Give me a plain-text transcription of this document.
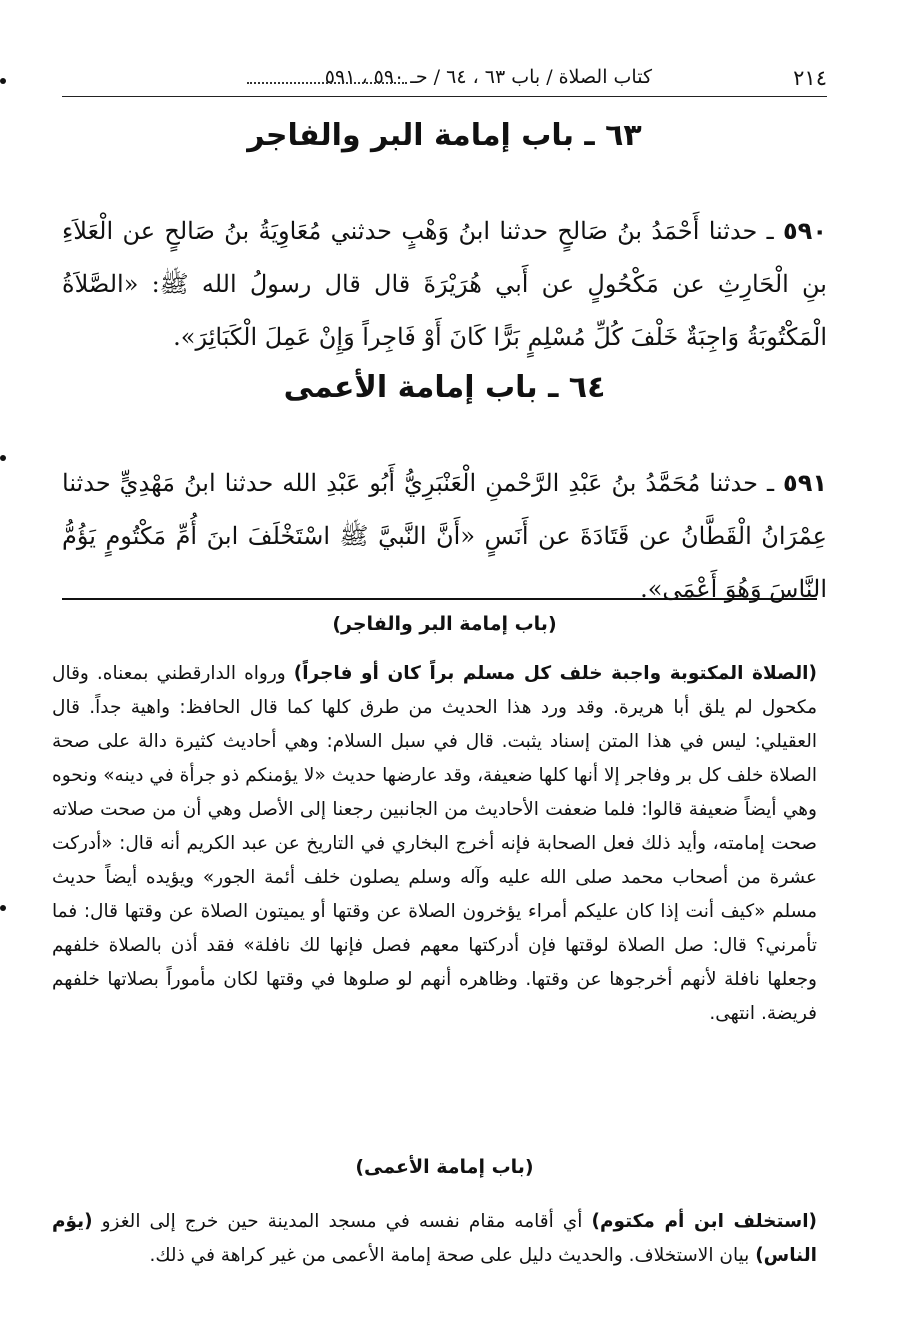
٢١٤
كتاب الصلاة / باب ٦٣ ، ٦٤ / حـ ٥٩٠ ، ٥٩١
٦٣ ـ باب إمامة البر والفاجر
٥٩٠ ـ حدثنا أَحْمَدُ بنُ صَالحٍ حدثنا ابنُ وَهْبٍ حدثني مُعَاوِيَةُ بنُ صَالحٍ عن الْعَلاَءِ بنِ الْحَارِثِ عن مَكْحُولٍ عن أَبي هُرَيْرَةَ قال قال رسولُ الله ﷺ: «الصَّلاَةُ الْمَكْتُوبَةُ وَاجِبَةٌ خَلْفَ كُلِّ مُسْلِمٍ بَرًّا كَانَ أَوْ فَاجِراً وَإِنْ عَمِلَ الْكَبَائِرَ».
٦٤ ـ باب إمامة الأعمى
٥٩١ ـ حدثنا مُحَمَّدُ بنُ عَبْدِ الرَّحْمنِ الْعَنْبَرِيُّ أَبُو عَبْدِ الله حدثنا ابنُ مَهْدِيٍّ حدثنا عِمْرَانُ الْقَطَّانُ عن قَتَادَةَ عن أَنَسٍ «أَنَّ النَّبيَّ ﷺ اسْتَخْلَفَ ابنَ أُمِّ مَكْتُومٍ يَؤُمُّ النَّاسَ وَهُوَ أَعْمَى».
(باب إمامة البر والفاجر)
(الصلاة المكتوبة واجبة خلف كل مسلم براً كان أو فاجراً) ورواه الدارقطني بمعناه. وقال مكحول لم يلق أبا هريرة. وقد ورد هذا الحديث من طرق كلها كما قال الحافظ: واهية جداً. قال العقيلي: ليس في هذا المتن إسناد يثبت. قال في سبل السلام: وهي أحاديث كثيرة دالة على صحة الصلاة خلف كل بر وفاجر إلا أنها كلها ضعيفة، وقد عارضها حديث «لا يؤمنكم ذو جرأة في دينه» ونحوه وهي أيضاً ضعيفة قالوا: فلما ضعفت الأحاديث من الجانبين رجعنا إلى الأصل وهي أن من صحت صلاته صحت إمامته، وأيد ذلك فعل الصحابة فإنه أخرج البخاري في التاريخ عن عبد الكريم أنه قال: «أدركت عشرة من أصحاب محمد صلى الله عليه وآله وسلم يصلون خلف أئمة الجور» ويؤيده أيضاً حديث مسلم «كيف أنت إذا كان عليكم أمراء يؤخرون الصلاة عن وقتها أو يميتون الصلاة عن وقتها قال: فما تأمرني؟ قال: صل الصلاة لوقتها فإن أدركتها معهم فصل فإنها لك نافلة» فقد أذن بالصلاة خلفهم وجعلها نافلة لأنهم أخرجوها عن وقتها. وظاهره أنهم لو صلوها في وقتها لكان مأموراً بصلاتها خلفهم فريضة. انتهى.
(باب إمامة الأعمى)
(استخلف ابن أم مكتوم) أي أقامه مقام نفسه في مسجد المدينة حين خرج إلى الغزو (يؤم الناس) بيان الاستخلاف. والحديث دليل على صحة إمامة الأعمى من غير كراهة في ذلك.
